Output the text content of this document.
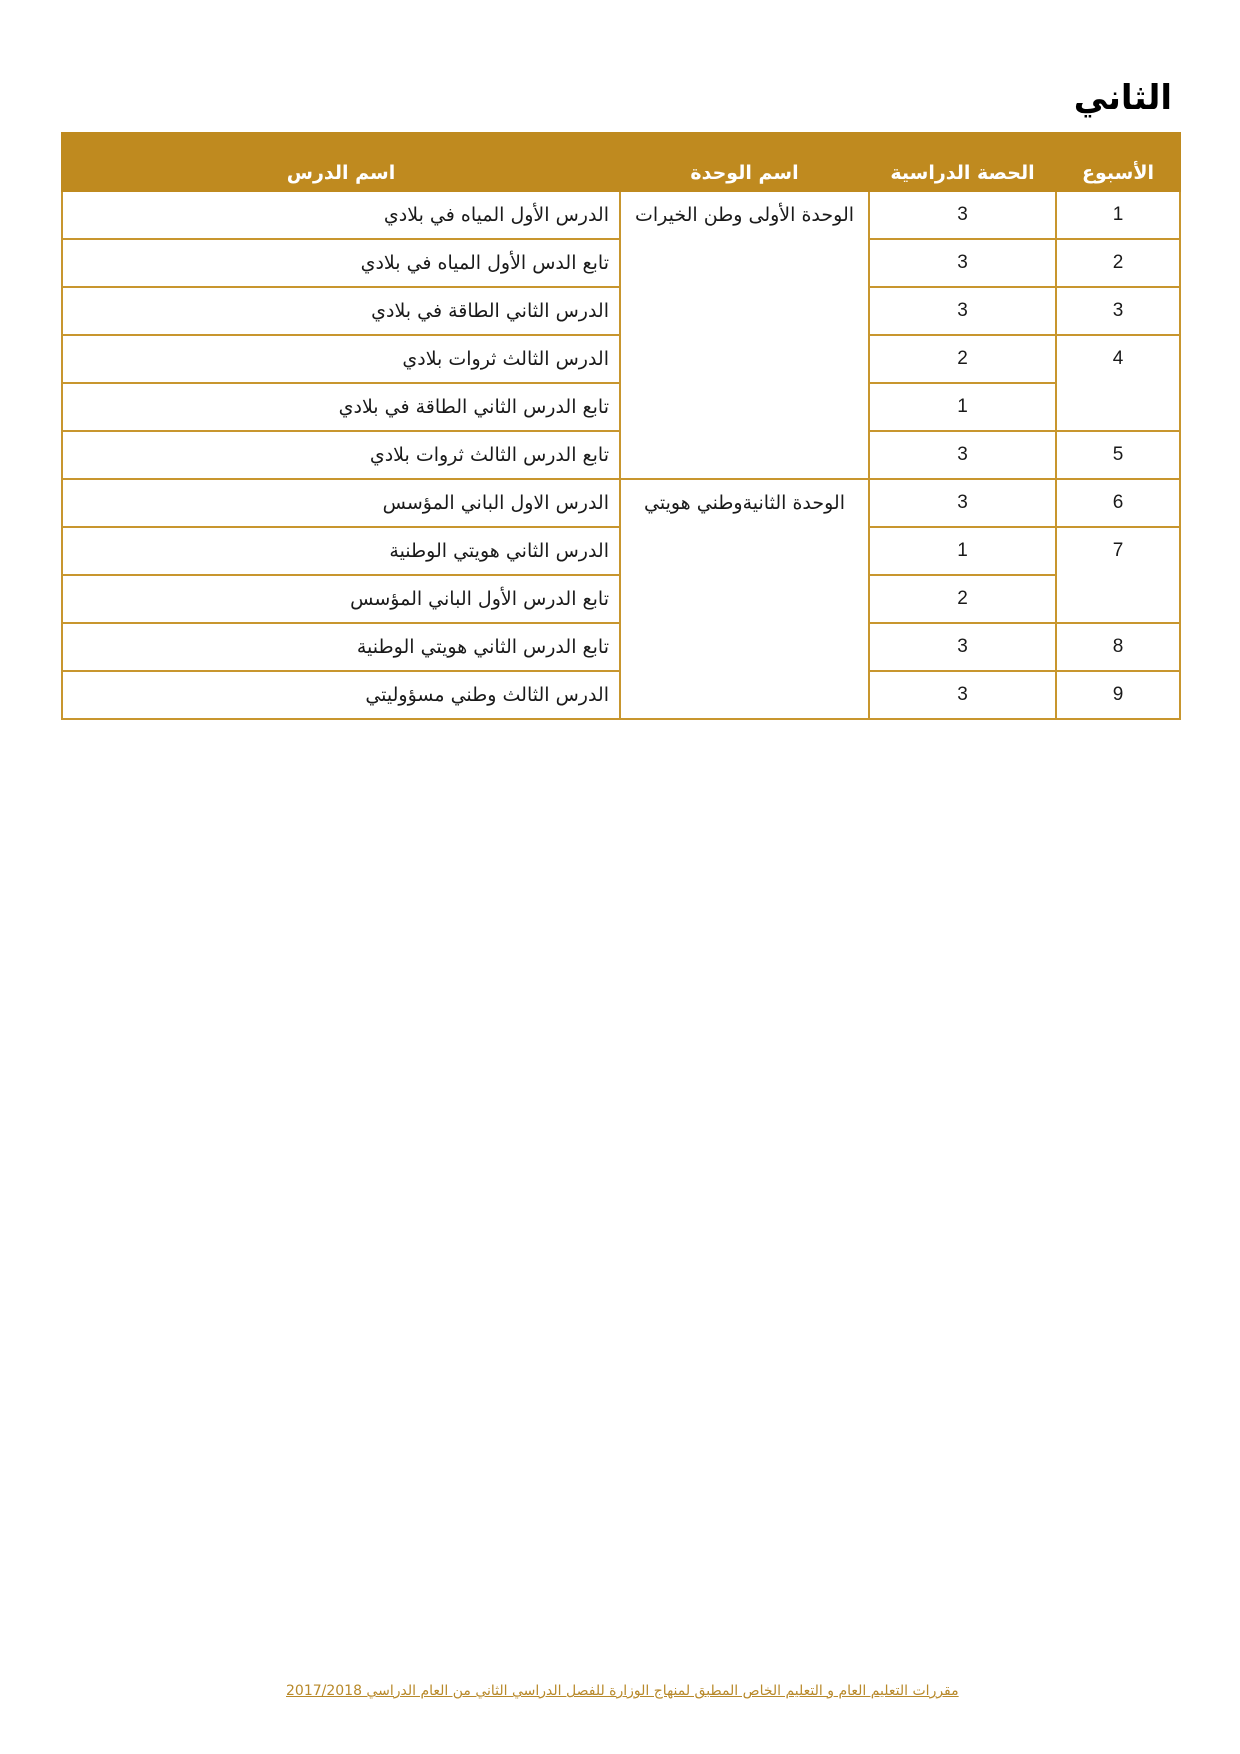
الثاني
الأسبوع	الحصة الدراسية	اسم الوحدة	اسم الدرس
1	3	الوحدة الأولى وطن الخيرات	الدرس الأول المياه في بلادي
2	3		تابع الدس الأول المياه في بلادي
3	3		الدرس الثاني الطاقة في بلادي
4	2		الدرس الثالث ثروات بلادي
	1		تابع الدرس الثاني الطاقة في بلادي
5	3		تابع الدرس الثالث ثروات بلادي
6	3	الوحدة الثانيةوطني هويتي	الدرس الاول الباني المؤسس
7	1		الدرس الثاني هويتي الوطنية
	2		تابع الدرس الأول الباني المؤسس
8	3		تابع الدرس الثاني هويتي الوطنية
9	3		الدرس الثالث وطني مسؤوليتي
مقررات التعليم العام و التعليم الخاص المطبق لمنهاج الوزارة للفصل الدراسي الثاني من العام الدراسي 2017/2018
